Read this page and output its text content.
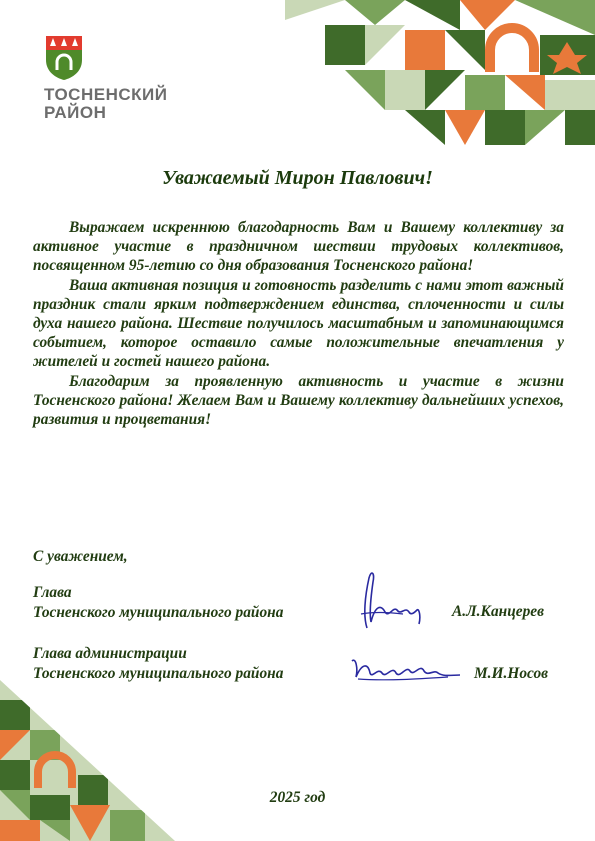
ТОСНЕНСКИЙ
РАЙОН
Уважаемый Мирон Павлович!

Выражаем искреннюю благодарность Вам и Вашему коллективу за активное участие в праздничном шествии трудовых коллективов, посвященном 95-летию со дня образования Тосненского района!

Ваша активная позиция и готовность разделить с нами этот важный праздник стали ярким подтверждением единства, сплоченности и силы духа нашего района. Шествие получилось масштабным и запоминающимся событием, которое оставило самые положительные впечатления у жителей и гостей нашего района.

Благодарим за проявленную активность и участие в жизни Тосненского района! Желаем Вам и Вашему коллективу дальнейших успехов, развития и процветания!

С уважением,
Глава
Тосненского муниципального района	А.Л.Канцерев
Глава администрации
Тосненского муниципального района	М.И.Носов
2025 год
